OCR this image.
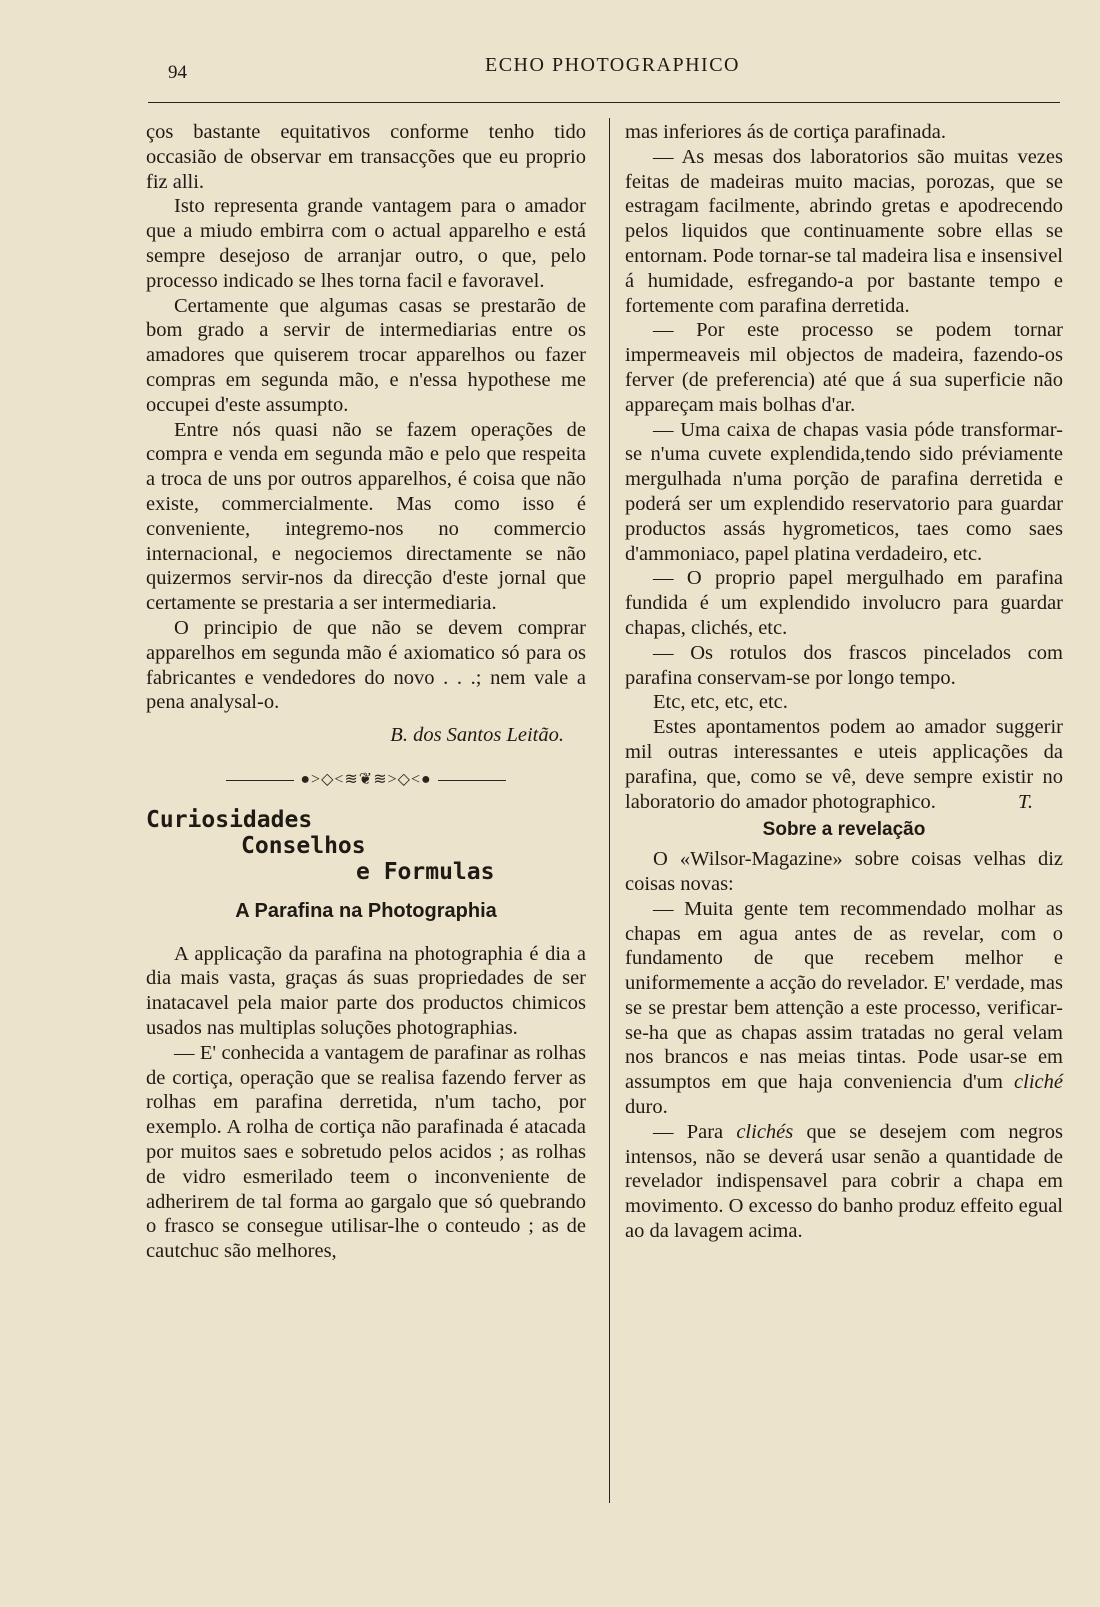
94	ECHO PHOTOGRAPHICO

ços bastante equitativos conforme tenho tido occasião de observar em transacções que eu proprio fiz alli.

Isto representa grande vantagem para o amador que a miudo embirra com o actual apparelho e está sempre desejoso de arranjar outro, o que, pelo processo indicado se lhes torna facil e favoravel.

Certamente que algumas casas se prestarão de bom grado a servir de intermediarias entre os amadores que quiserem trocar apparelhos ou fazer compras em segunda mão, e n'essa hypothese me occupei d'este assumpto.

Entre nós quasi não se fazem operações de compra e venda em segunda mão e pelo que respeita a troca de uns por outros apparelhos, é coisa que não existe, commercialmente. Mas como isso é conveniente, integremo-nos no commercio internacional, e negociemos directamente se não quizermos servir-nos da direcção d'este jornal que certamente se prestaria a ser intermediaria.

O principio de que não se devem comprar apparelhos em segunda mão é axiomatico só para os fabricantes e vendedores do novo . . .; nem vale a pena analysal-o.

B. dos Santos Leitão.
●>◇<≋❦≋>◇<●
Curiosidades
Conselhos
e Formulas
A Parafina na Photographia

A applicação da parafina na photographia é dia a dia mais vasta, graças ás suas propriedades de ser inatacavel pela maior parte dos productos chimicos usados nas multiplas soluções photographias.

— E' conhecida a vantagem de parafinar as rolhas de cortiça, operação que se realisa fazendo ferver as rolhas em parafina derretida, n'um tacho, por exemplo. A rolha de cortiça não parafinada é atacada por muitos saes e sobretudo pelos acidos ; as rolhas de vidro esmerilado teem o inconveniente de adherirem de tal forma ao gargalo que só quebrando o frasco se consegue utilisar-lhe o conteudo ; as de cautchuc são melhores,

mas inferiores ás de cortiça parafinada.

— As mesas dos laboratorios são muitas vezes feitas de madeiras muito macias, porozas, que se estragam facilmente, abrindo gretas e apodrecendo pelos liquidos que continuamente sobre ellas se entornam. Pode tornar-se tal madeira lisa e insensivel á humidade, esfregando-a por bastante tempo e fortemente com parafina derretida.

— Por este processo se podem tornar impermeaveis mil objectos de madeira, fazendo-os ferver (de preferencia) até que á sua superficie não appareçam mais bolhas d'ar.

— Uma caixa de chapas vasia póde transformar-se n'uma cuvete explendida,tendo sido préviamente mergulhada n'uma porção de parafina derretida e poderá ser um explendido reservatorio para guardar productos assás hygrometicos, taes como saes d'ammoniaco, papel platina verdadeiro, etc.

— O proprio papel mergulhado em parafina fundida é um explendido involucro para guardar chapas, clichés, etc.

— Os rotulos dos frascos pincelados com parafina conservam-se por longo tempo.

Etc, etc, etc, etc.

Estes apontamentos podem ao amador suggerir mil outras interessantes e uteis applicações da parafina, que, como se vê, deve sempre existir no laboratorio do amador photographico.	T.

Sobre a revelação

O «Wilsor-Magazine» sobre coisas velhas diz coisas novas:

— Muita gente tem recommendado molhar as chapas em agua antes de as revelar, com o fundamento de que recebem melhor e uniformemente a acção do revelador. E' verdade, mas se se prestar bem attenção a este processo, verificar-se-ha que as chapas assim tratadas no geral velam nos brancos e nas meias tintas. Pode usar-se em assumptos em que haja conveniencia d'um cliché duro.

— Para clichés que se desejem com negros intensos, não se deverá usar senão a quantidade de revelador indispensavel para cobrir a chapa em movimento. O excesso do banho produz effeito egual ao da lavagem acima.
